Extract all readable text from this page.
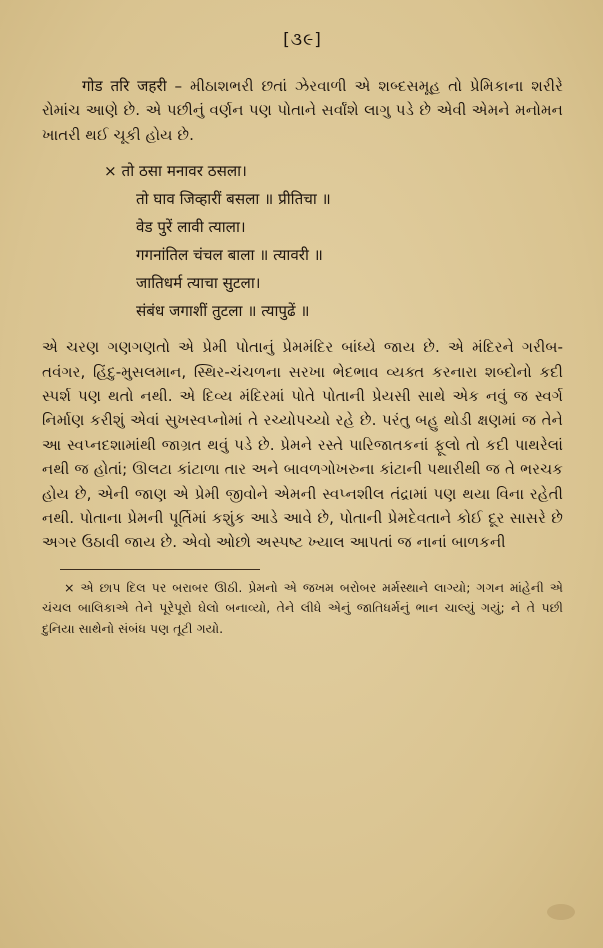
[૩૯]

गोड तरि जहरी – મીઠાશભરી છતાં ઝેરવાળી એ શબ્દસમૂહ તો પ્રેમિકાના શરીરે રોમાંચ આણે છે. એ પછીનું વર્ણન પણ પોતાને સર્વાંશે લાગુ પડે છે એવી એમને મનોમન ખાતરી થઈ ચૂકી હોય છે.

× तो ठसा मनावर ठसला।
तो घाव जिव्हारीं बसला ॥ प्रीतिचा ॥
वेड पुरें लावी त्याला।
गगनांतिल चंचल बाला ॥ त्यावरी ॥
जातिधर्म त्याचा सुटला।
संबंध जगाशीं तुटला ॥ त्यापुढें ॥

એ ચરણ ગણગણતો એ પ્રેમી પોતાનું પ્રેમમંદિર બાંધ્યે જાય છે. એ મંદિરને ગરીબ-તવંગર, હિંદુ-મુસલમાન, સ્થિર-ચંચળના સરખા ભેદભાવ વ્યક્ત કરનારા શબ્દોનો કદી સ્પર્શ પણ થતો નથી. એ દિવ્ય મંદિરમાં પોતે પોતાની પ્રેયસી સાથે એક નવું જ સ્વર્ગ નિર્માણ કરીશું એવાં સુખસ્વપ્નોમાં તે રચ્યોપચ્યો રહે છે. પરંતુ બહુ થોડી ક્ષણમાં જ તેને આ સ્વપ્નદશામાંથી જાગ્રત થવું પડે છે. પ્રેમને રસ્તે પારિજાતકનાં ફૂલો તો કદી પાથરેલાં નથી જ હોતાં; ઊલટા કાંટાળા તાર અને બાવળગોખરુના કાંટાની પથારીથી જ તે ભરચક હોય છે, એની જાણ એ પ્રેમી જીવોને એમની સ્વપ્નશીલ તંદ્રામાં પણ થયા વિના રહેતી નથી. પોતાના પ્રેમની પૂર્તિમાં કશુંક આડે આવે છે, પોતાની પ્રેમદેવતાને કોઈ દૂર સાસરે છે અગર ઉઠાવી જાય છે. એવો ઓછો અસ્પષ્ટ ખ્યાલ આપતાં જ નાનાં બાળકની

× એ છાપ દિલ પર બરાબર ઊઠી. પ્રેમનો એ જખમ બરોબર મર્મસ્થાને લાગ્યો; ગગન માંહેની એ ચંચલ બાલિકાએ તેને પૂરેપૂરો ઘેલો બનાવ્યો, તેને લીધે એનું જાતિધર્મનું ભાન ચાલ્યું ગયું; ને તે પછી દુનિયા સાથેનો સંબંધ પણ તૂટી ગયો.
